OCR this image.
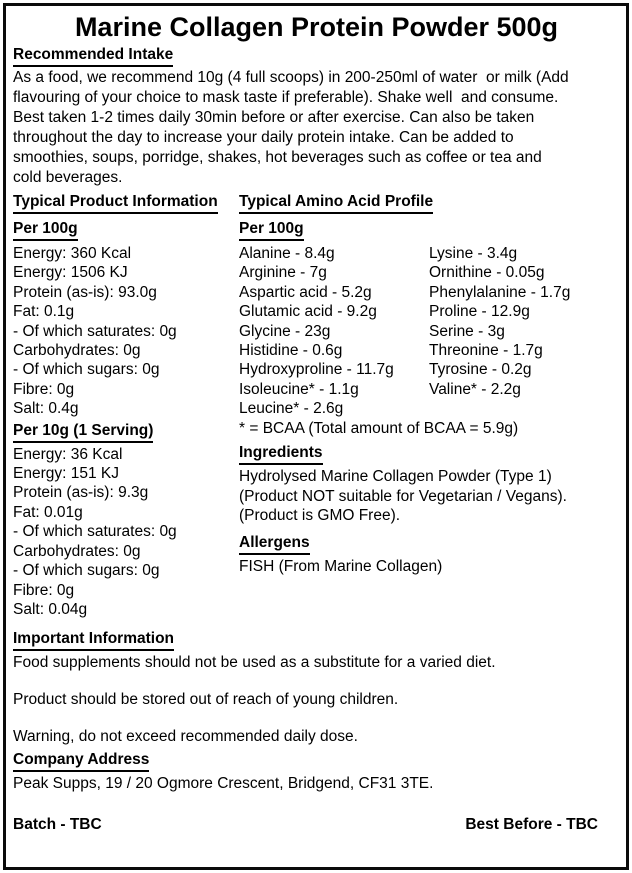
Marine Collagen Protein Powder 500g
Recommended Intake
As a food, we recommend 10g (4 full scoops) in 200-250ml of water  or milk (Add
flavouring of your choice to mask taste if preferable). Shake well  and consume.
Best taken 1-2 times daily 30min before or after exercise. Can also be taken
throughout the day to increase your daily protein intake. Can be added to
smoothies, soups, porridge, shakes, hot beverages such as coffee or tea and
cold beverages.
Typical Product Information
Per 100g
Energy: 360 Kcal
Energy: 1506 KJ
Protein (as-is): 93.0g
Fat: 0.1g
- Of which saturates: 0g
Carbohydrates: 0g
- Of which sugars: 0g
Fibre: 0g
Salt: 0.4g
Per 10g (1 Serving)
Energy: 36 Kcal
Energy: 151 KJ
Protein (as-is): 9.3g
Fat: 0.01g
- Of which saturates: 0g
Carbohydrates: 0g
- Of which sugars: 0g
Fibre: 0g
Salt: 0.04g
Typical Amino Acid Profile
Per 100g
Alanine - 8.4g
Arginine - 7g
Aspartic acid - 5.2g
Glutamic acid - 9.2g
Glycine - 23g
Histidine - 0.6g
Hydroxyproline - 11.7g
Isoleucine* - 1.1g
Leucine* - 2.6g
Lysine - 3.4g
Ornithine - 0.05g
Phenylalanine - 1.7g
Proline - 12.9g
Serine - 3g
Threonine - 1.7g
Tyrosine - 0.2g
Valine* - 2.2g
* = BCAA (Total amount of BCAA = 5.9g)
Ingredients
Hydrolysed Marine Collagen Powder (Type 1)
(Product NOT suitable for Vegetarian / Vegans).
(Product is GMO Free).
Allergens
FISH (From Marine Collagen)
Important Information
Food supplements should not be used as a substitute for a varied diet.
Product should be stored out of reach of young children.
Warning, do not exceed recommended daily dose.
Company Address
Peak Supps, 19 / 20 Ogmore Crescent, Bridgend, CF31 3TE.
Batch - TBC	Best Before - TBC
